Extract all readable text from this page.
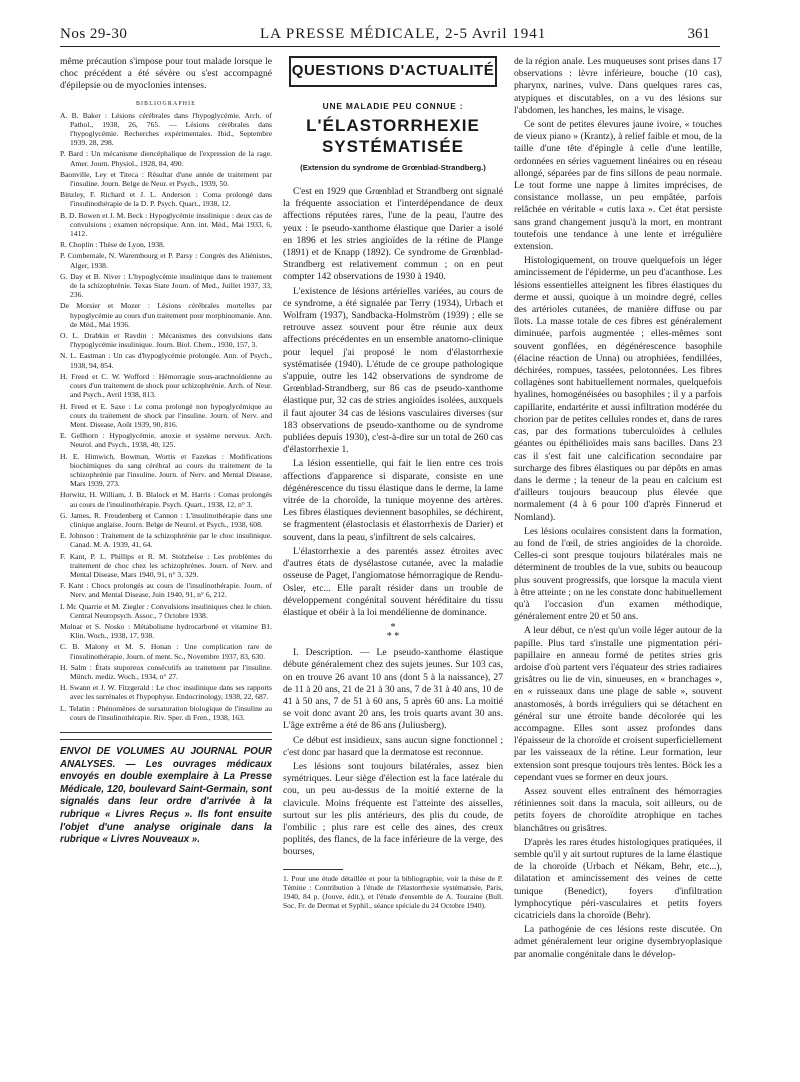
Nos 29-30	LA PRESSE MÉDICALE, 2-5 Avril 1941	361

même précaution s'impose pour tout malade lorsque le choc précédent a été sévère ou s'est accompagné d'épilepsie ou de myoclonies intenses.

BIBLIOGRAPHIE

A. B. Baker : Lésions cérébrales dans l'hypoglycémie. Arch. of Pathol., 1938, 26, 765. — Lésions cérébrales dans l'hypoglycémie. Recherches expérimentales. Ibid., Septembre 1939, 28, 298.

P. Bard : Un mécanisme diencéphalique de l'expression de la rage. Amer. Journ. Physiol., 1928, 84, 490.

Baonville, Ley et Titeca : Résultat d'une année de traitement par l'insuline. Journ. Belge de Neur. et Psych., 1939, 50.

Binzley, F. Richard et J. L. Anderson : Coma prolongé dans l'insulinothérapie de la D. P. Psych. Quart., 1938, 12.

B. D. Bowen et J. M. Beck : Hypoglycémie insulinique : deux cas de convulsions ; examen nécropsique. Ann. int. Méd., Mai 1933, 6, 1412.

R. Choplin : Thèse de Lyon, 1938.

P. Combemale, N. Warembourg et P. Parsy : Congrès des Aliénistes, Alger, 1938.

G. Day et B. Niver : L'hypoglycémie insulinique dans le traitement de la schizophrénie. Texas State Journ. of Med., Juillet 1937, 33, 236.

De Morsier et Mozer : Lésions cérébrales mortelles par hypoglycémie au cours d'un traitement pour morphinomanie. Ann. de Méd., Mai 1936.

O. L. Drabkin et Ravdin : Mécanismes des convulsions dans l'hypoglycémie insulinique. Journ. Biol. Chem., 1930, 157, 3.

N. L. Eastman : Un cas d'hypoglycémie prolongée. Ann. of Psych., 1938, 94, 854.

H. Freed et C. W. Wofford : Hémorragie sous-arachnoïdienne au cours d'un traitement de shock pour schizophrénie. Arch. of Neur. and Psych., Avril 1938, 813.

H. Freed et E. Saxe : Le coma prolongé non hypoglycémique au cours du traitement de shock par l'insuline. Journ. of Nerv. and Ment. Disease, Août 1939, 90, 816.

E. Gellhorn : Hypoglycémie, anoxie et système nerveux. Arch. Neurol. and Psych., 1938, 40, 125.

H. E. Himwich, Bowman, Wortis et Fazekas : Modifications biochimiques du sang cérébral au cours du traitement de la schizophrénie par l'insuline. Journ. of Nerv. and Mental Disease, Mars 1939, 273.

Horwitz, H. William, J. B. Blalock et M. Harris : Comas prolongés au cours de l'insulinothérapie. Psych. Quart., 1938, 12, n° 3.

G. James, R. Freudenberg et Cannon : L'insulinothérapie dans une clinique anglaise. Journ. Belge de Neurol. et Psych., 1938, 608.

E. Johnson : Traitement de la schizophrénie par le choc insulinique. Canad. M. A. 1939, 41, 64.

F. Kant, P. L. Phillips et R. M. Stolzheise : Les problèmes du traitement de choc chez les schizophrènes. Journ. of Nerv. and Mental Disease, Mars 1940, 91, n° 3, 329.

F. Kant : Chocs prolongés au cours de l'insulinothérapie. Journ. of Nerv. and Mental Disease, Juin 1940, 91, n° 6, 212.

I. Mc Quarrie et M. Ziegler : Convulsions insuliniques chez le chien. Central Neuropsych. Assoc., 7 Octobre 1938.

Molnar et S. Nosko : Métabolisme hydrocarboné et vitamine B1. Klin. Woch., 1938, 17, 938.

C. B. Malony et M. S. Honan : Une complication rare de l'insulinothérapie. Journ. of ment. Sc., Novembre 1937, 83, 630.

H. Salm : États stuporeux consécutifs au traitement par l'insuline. Münch. mediz. Woch., 1934, n° 27.

H. Swann et J. W. Fitzgerald : Le choc insulinique dans ses rapports avec les surrénales et l'hypophyse. Endocrinology, 1938, 22, 687.

L. Telatin : Phénomènes de sursaturation biologique de l'insuline au cours de l'insulinothérapie. Riv. Sper. di Fren., 1938, 163.

ENVOI DE VOLUMES AU JOURNAL POUR ANALYSES. — Les ouvrages médicaux envoyés en double exemplaire à La Presse Médicale, 120, boulevard Saint-Germain, sont signalés dans leur ordre d'arrivée à la rubrique « Livres Reçus ». Ils font ensuite l'objet d'une analyse originale dans la rubrique « Livres Nouveaux ».
QUESTIONS D'ACTUALITÉ
UNE MALADIE PEU CONNUE :
L'ÉLASTORRHEXIE SYSTÉMATISÉE
(Extension du syndrome de Grœnblad-Strandberg.)

C'est en 1929 que Grœnblad et Strandberg ont signalé la fréquente association et l'interdépendance de deux affections réputées rares, l'une de la peau, l'autre des yeux : le pseudo-xanthome élastique que Darier a isolé en 1896 et les stries angioïdes de la rétine de Plange (1891) et de Knapp (1892). Ce syndrome de Grœnblad-Strandberg est relativement commun ; on en peut compter 142 observations de 1930 à 1940.

L'existence de lésions artérielles variées, au cours de ce syndrome, a été signalée par Terry (1934), Urbach et Wolfram (1937), Sandbacka-Holmström (1939) ; elle se retrouve assez souvent pour être réunie aux deux affections précédentes en un ensemble anatomo-clinique pour lequel j'ai proposé le nom d'élastorrhexie systématisée (1940). L'étude de ce groupe pathologique s'appuie, outre les 142 observations de syndrome de Grœnblad-Strandberg, sur 86 cas de pseudo-xanthome élastique pur, 32 cas de stries angioïdes isolées, auxquels il faut ajouter 34 cas de lésions vasculaires diverses (sur 183 observations de pseudo-xanthome ou de syndrome publiées depuis 1930), c'est-à-dire sur un total de 260 cas d'élastorrhexie 1.

La lésion essentielle, qui fait le lien entre ces trois affections d'apparence si disparate, consiste en une dégénérescence du tissu élastique dans le derme, la lame vitrée de la choroïde, la tunique moyenne des artères. Les fibres élastiques deviennent basophiles, se déchirent, se fragmentent (élastoclasis et élastorrhexis de Darier) et souvent, dans la peau, s'infiltrent de sels calcaires.

L'élastorrhexie a des parentés assez étroites avec d'autres états de dysélastose cutanée, avec la maladie osseuse de Paget, l'angiomatose hémorragique de Rendu-Osler, etc... Elle paraît résider dans un trouble de développement congénital souvent héréditaire du tissu élastique et obéir à la loi mendélienne de dominance.

*
* *

I. Description. — Le pseudo-xanthome élastique débute généralement chez des sujets jeunes. Sur 103 cas, on en trouve 26 avant 10 ans (dont 5 à la naissance), 27 de 11 à 20 ans, 21 de 21 à 30 ans, 7 de 31 à 40 ans, 10 de 41 à 50 ans, 7 de 51 à 60 ans, 5 après 60 ans. La moitié se voit donc avant 20 ans, les trois quarts avant 30 ans. L'âge extrême a été de 86 ans (Juliusberg).

Ce début est insidieux, sans aucun signe fonctionnel ; c'est donc par hasard que la dermatose est reconnue.

Les lésions sont toujours bilatérales, assez bien symétriques. Leur siège d'élection est la face latérale du cou, un peu au-dessus de la moitié externe de la clavicule. Moins fréquente est l'atteinte des aisselles, surtout sur les plis antérieurs, des plis du coude, de l'ombilic ; plus rare est celle des aines, des creux poplités, des flancs, de la face inférieure de la verge, des bourses,

1. Pour une étude détaillée et pour la bibliographie, voir la thèse de P. Témine : Contribution à l'étude de l'élastorrhexie systématisée, Paris, 1940, 84 p. (Jouve, édit.), et l'étude d'ensemble de A. Touraine (Bull. Soc. Fr. de Dermat et Syphil., séance spéciale du 24 Octobre 1940).

de la région anale. Les muqueuses sont prises dans 17 observations : lèvre inférieure, bouche (10 cas), pharynx, narines, vulve. Dans quelques rares cas, atypiques et discutables, on a vu des lésions sur l'abdomen, les hanches, les mains, le visage.

Ce sont de petites élevures jaune ivoire, « touches de vieux piano » (Krantz), à relief faible et mou, de la taille d'une tête d'épingle à celle d'une lentille, ordonnées en séries vaguement linéaires ou en réseau allongé, séparées par de fins sillons de peau normale. Le tout forme une nappe à limites imprécises, de consistance mollasse, un peu empâtée, parfois relâchée en véritable « cutis laxa ». Cet état persiste sans grand changement jusqu'à la mort, en montrant toutefois une tendance à une lente et irrégulière extension.

Histologiquement, on trouve quelquefois un léger amincissement de l'épiderme, un peu d'acanthose. Les lésions essentielles atteignent les fibres élastiques du derme et aussi, quoique à un moindre degré, celles des artérioles cutanées, de manière diffuse ou par îlots. La masse totale de ces fibres est généralement diminuée, parfois augmentée ; elles-mêmes sont souvent gonflées, en dégénérescence basophile (élacine réaction de Unna) ou atrophiées, fendillées, déchirées, rompues, tassées, pelotonnées. Les fibres collagènes sont habituellement normales, quelquefois hyalines, homogénéisées ou basophiles ; il y a parfois capillarite, endartérite et aussi infiltration modérée du chorion par de petites cellules rondes et, dans de rares cas, par des formations tuberculoïdes à cellules géantes ou épithélioïdes mais sans bacilles. Dans 23 cas il s'est fait une calcification secondaire par surcharge des fibres élastiques ou par dépôts en amas dans le derme ; la teneur de la peau en calcium est d'ailleurs toujours beaucoup plus élevée que normalement (4 à 6 pour 100 d'après Finnerud et Nomland).

Les lésions oculaires consistent dans la formation, au fond de l'œil, de stries angioïdes de la choroïde. Celles-ci sont presque toujours bilatérales mais ne déterminent de troubles de la vue, subits ou beaucoup plus souvent progressifs, que lorsque la macula vient à être atteinte ; on ne les constate donc habituellement qu'à l'occasion d'un examen méthodique, généralement entre 20 et 50 ans.

A leur début, ce n'est qu'un voile léger autour de la papille. Plus tard s'installe une pigmentation péri-papillaire en anneau formé de petites stries gris ardoise d'où partent vers l'équateur des stries radiaires grisâtres ou lie de vin, sinueuses, en « branchages », en « ruisseaux dans une plage de sable », souvent anastomosés, à bords irréguliers qui se détachent en général sur une étroite bande décolorée qui les accompagne. Elles sont assez profondes dans l'épaisseur de la choroïde et croisent superficiellement par les vaisseaux de la rétine. Leur formation, leur extension sont presque toujours très lentes. Böck les a cependant vues se former en deux jours.

Assez souvent elles entraînent des hémorragies rétiniennes soit dans la macula, soit ailleurs, ou de petits foyers de choroïdite atrophique en taches blanchâtres ou grisâtres.

D'après les rares études histologiques pratiquées, il semble qu'il y ait surtout ruptures de la lame élastique de la choroïde (Urbach et Nékam, Behr, etc...), dilatation et amincissement des veines de cette tunique (Benedict), foyers d'infiltration lymphocytique péri-vasculaires et petits foyers cicatriciels dans la choroïde (Behr).

La pathogénie de ces lésions reste discutée. On admet généralement leur origine dysembryoplasique par anomalie congénitale dans le dévelop-
